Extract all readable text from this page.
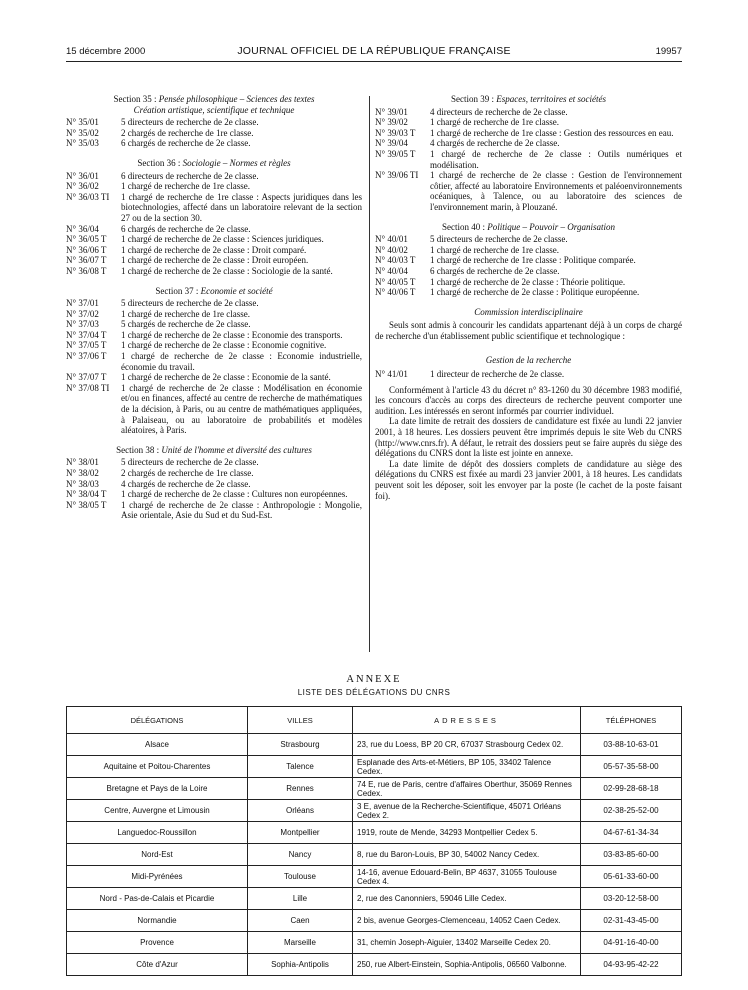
15 décembre 2000	JOURNAL OFFICIEL DE LA RÉPUBLIQUE FRANÇAISE	19957
Section 35 : Pensée philosophique – Sciences des textes
Création artistique, scientifique et technique
N° 35/01	5 directeurs de recherche de 2e classe.
N° 35/02	2 chargés de recherche de 1re classe.
N° 35/03	6 chargés de recherche de 2e classe.
Section 36 : Sociologie – Normes et règles
N° 36/01	6 directeurs de recherche de 2e classe.
N° 36/02	1 chargé de recherche de 1re classe.
N° 36/03 TI	1 chargé de recherche de 1re classe : Aspects juridiques dans les biotechnologies, affecté dans un laboratoire relevant de la section 27 ou de la section 30.
N° 36/04	6 chargés de recherche de 2e classe.
N° 36/05 T	1 chargé de recherche de 2e classe : Sciences juridiques.
N° 36/06 T	1 chargé de recherche de 2e classe : Droit comparé.
N° 36/07 T	1 chargé de recherche de 2e classe : Droit européen.
N° 36/08 T	1 chargé de recherche de 2e classe : Sociologie de la santé.
Section 37 : Economie et société
N° 37/01	5 directeurs de recherche de 2e classe.
N° 37/02	1 chargé de recherche de 1re classe.
N° 37/03	5 chargés de recherche de 2e classe.
N° 37/04 T	1 chargé de recherche de 2e classe : Economie des transports.
N° 37/05 T	1 chargé de recherche de 2e classe : Economie cognitive.
N° 37/06 T	1 chargé de recherche de 2e classe : Economie industrielle, économie du travail.
N° 37/07 T	1 chargé de recherche de 2e classe : Economie de la santé.
N° 37/08 TI	1 chargé de recherche de 2e classe : Modélisation en économie et/ou en finances, affecté au centre de recherche de mathématiques de la décision, à Paris, ou au centre de mathématiques appliquées, à Palaiseau, ou au laboratoire de probabilités et modèles aléatoires, à Paris.
Section 38 : Unité de l'homme et diversité des cultures
N° 38/01	5 directeurs de recherche de 2e classe.
N° 38/02	2 chargés de recherche de 1re classe.
N° 38/03	4 chargés de recherche de 2e classe.
N° 38/04 T	1 chargé de recherche de 2e classe : Cultures non européennes.
N° 38/05 T	1 chargé de recherche de 2e classe : Anthropologie : Mongolie, Asie orientale, Asie du Sud et du Sud-Est.
Section 39 : Espaces, territoires et sociétés
N° 39/01	4 directeurs de recherche de 2e classe.
N° 39/02	1 chargé de recherche de 1re classe.
N° 39/03 T	1 chargé de recherche de 1re classe : Gestion des ressources en eau.
N° 39/04	4 chargés de recherche de 2e classe.
N° 39/05 T	1 chargé de recherche de 2e classe : Outils numériques et modélisation.
N° 39/06 TI	1 chargé de recherche de 2e classe : Gestion de l'environnement côtier, affecté au laboratoire Environnements et paléoenvironnements océaniques, à Talence, ou au laboratoire des sciences de l'environnement marin, à Plouzané.
Section 40 : Politique – Pouvoir – Organisation
N° 40/01	5 directeurs de recherche de 2e classe.
N° 40/02	1 chargé de recherche de 1re classe.
N° 40/03 T	1 chargé de recherche de 1re classe : Politique comparée.
N° 40/04	6 chargés de recherche de 2e classe.
N° 40/05 T	1 chargé de recherche de 2e classe : Théorie politique.
N° 40/06 T	1 chargé de recherche de 2e classe : Politique européenne.
Commission interdisciplinaire

Seuls sont admis à concourir les candidats appartenant déjà à un corps de chargé de recherche d'un établissement public scientifique et technologique :

Gestion de la recherche
N° 41/01	1 directeur de recherche de 2e classe.

Conformément à l'article 43 du décret n° 83-1260 du 30 décembre 1983 modifié, les concours d'accès au corps des directeurs de recherche peuvent comporter une audition. Les intéressés en seront informés par courrier individuel.

La date limite de retrait des dossiers de candidature est fixée au lundi 22 janvier 2001, à 18 heures. Les dossiers peuvent être imprimés depuis le site Web du CNRS (http://www.cnrs.fr). A défaut, le retrait des dossiers peut se faire auprès du siège des délégations du CNRS dont la liste est jointe en annexe.

La date limite de dépôt des dossiers complets de candidature au siège des délégations du CNRS est fixée au mardi 23 janvier 2001, à 18 heures. Les candidats peuvent soit les déposer, soit les envoyer par la poste (le cachet de la poste faisant foi).

ANNEXE
LISTE DES DÉLÉGATIONS DU CNRS
DÉLÉGATIONS	VILLES	ADRESSES	TÉLÉPHONES
Alsace	Strasbourg	23, rue du Loess, BP 20 CR, 67037 Strasbourg Cedex 02.	03-88-10-63-01
Aquitaine et Poitou-Charentes	Talence	Esplanade des Arts-et-Métiers, BP 105, 33402 Talence Cedex.	05-57-35-58-00
Bretagne et Pays de la Loire	Rennes	74 E, rue de Paris, centre d'affaires Oberthur, 35069 Rennes Cedex.	02-99-28-68-18
Centre, Auvergne et Limousin	Orléans	3 E, avenue de la Recherche-Scientifique, 45071 Orléans Cedex 2.	02-38-25-52-00
Languedoc-Roussillon	Montpellier	1919, route de Mende, 34293 Montpellier Cedex 5.	04-67-61-34-34
Nord-Est	Nancy	8, rue du Baron-Louis, BP 30, 54002 Nancy Cedex.	03-83-85-60-00
Midi-Pyrénées	Toulouse	14-16, avenue Edouard-Belin, BP 4637, 31055 Toulouse Cedex 4.	05-61-33-60-00
Nord - Pas-de-Calais et Picardie	Lille	2, rue des Canonniers, 59046 Lille Cedex.	03-20-12-58-00
Normandie	Caen	2 bis, avenue Georges-Clemenceau, 14052 Caen Cedex.	02-31-43-45-00
Provence	Marseille	31, chemin Joseph-Aiguier, 13402 Marseille Cedex 20.	04-91-16-40-00
Côte d'Azur	Sophia-Antipolis	250, rue Albert-Einstein, Sophia-Antipolis, 06560 Valbonne.	04-93-95-42-22
